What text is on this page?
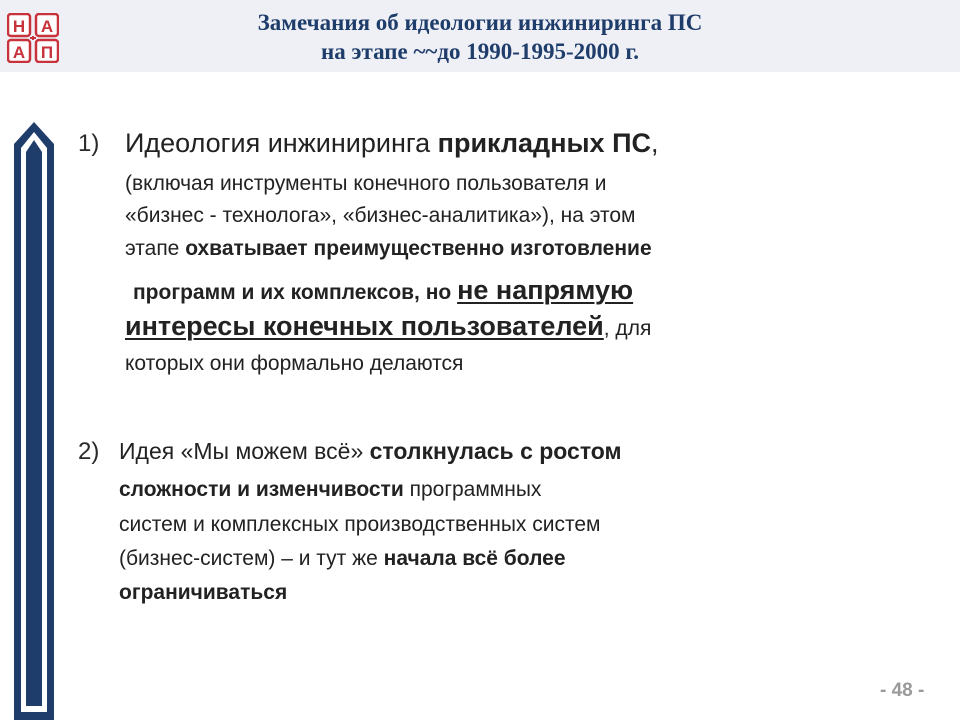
Н А
А П
Замечания об идеологии инжиниринга ПС
на этапе ~~до 1990-1995-2000 г.
1) Идеология инжиниринга прикладных ПС,
(включая инструменты конечного пользователя и
«бизнес - технолога», «бизнес-аналитика»), на этом
этапе охватывает преимущественно изготовление
программ и их комплексов, но не напрямую
интересы конечных пользователей, для
которых они формально делаются
2) Идея «Мы можем всё» столкнулась с ростом
сложности и изменчивости программных
систем и комплексных производственных систем
(бизнес-систем) – и тут же начала всё более
ограничиваться
- 48 -
